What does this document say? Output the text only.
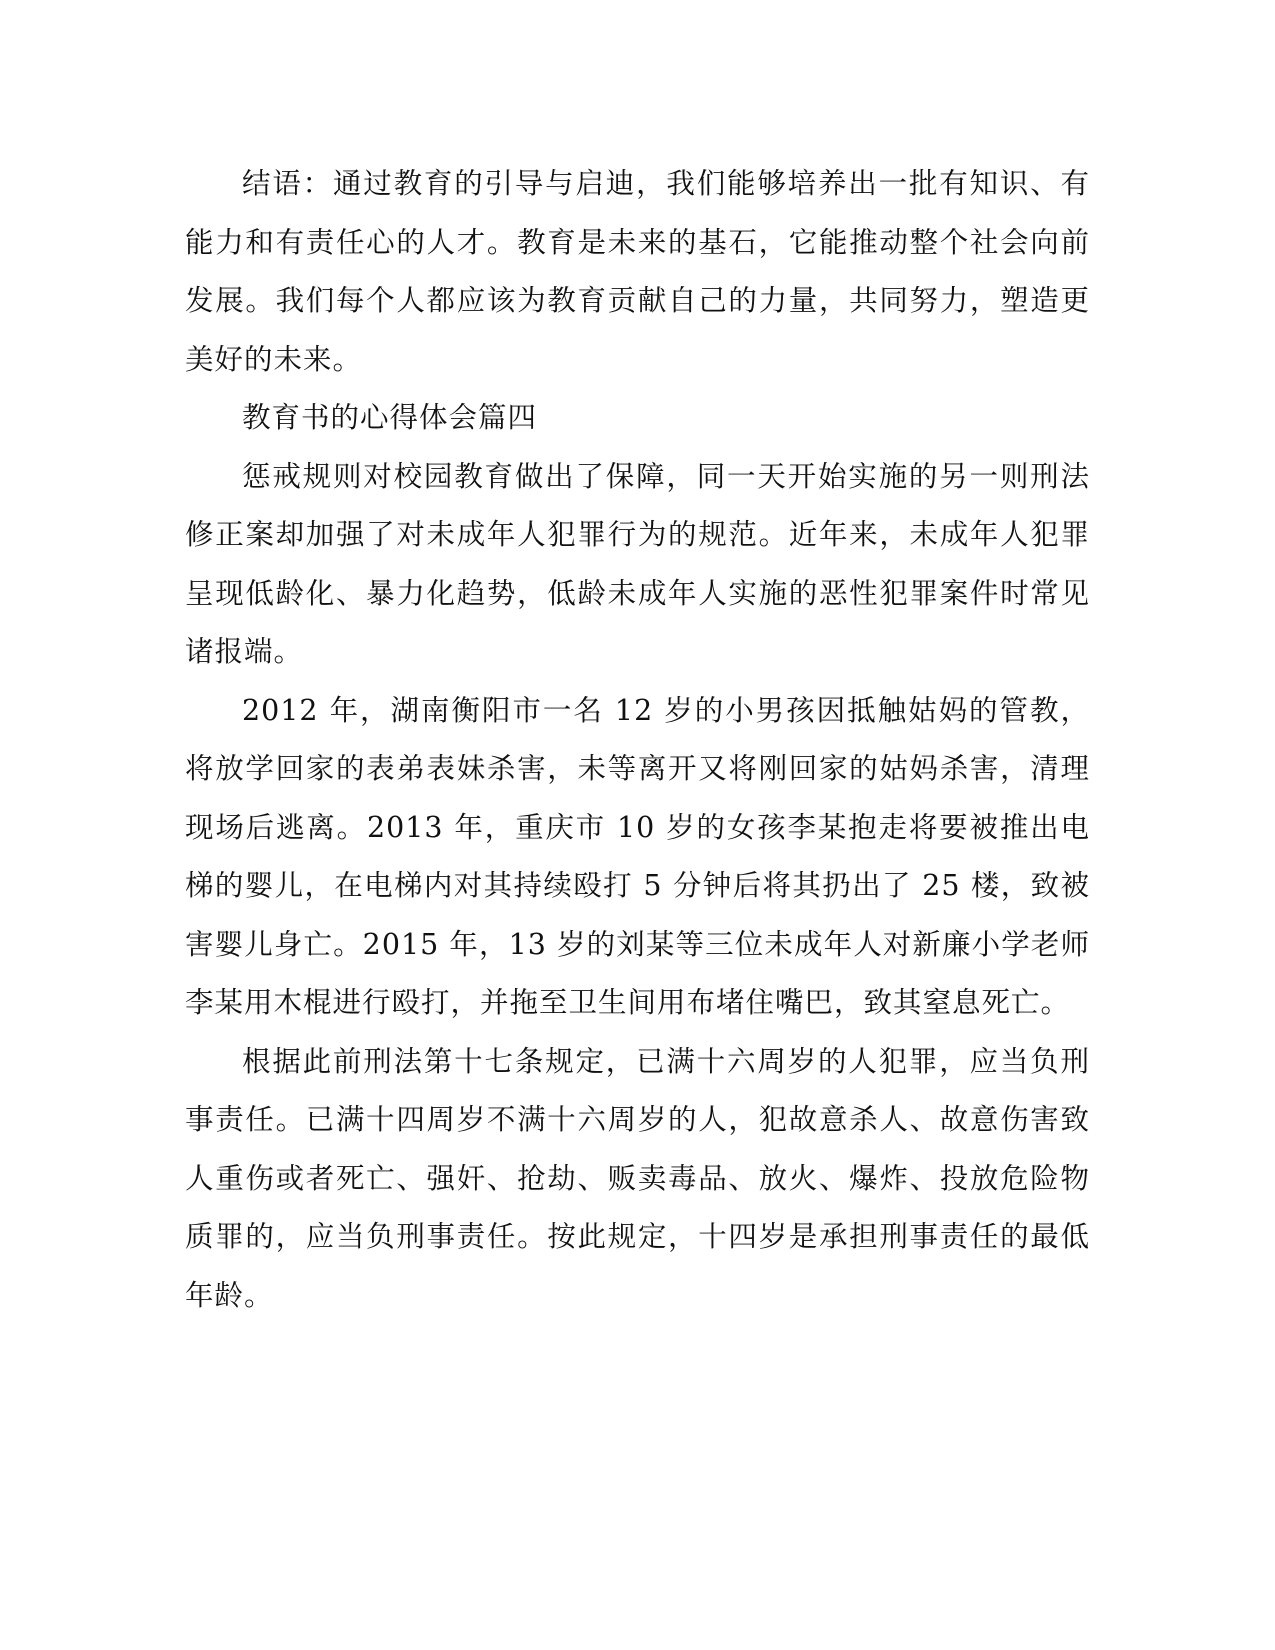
结语：通过教育的引导与启迪，我们能够培养出一批有知识、有能力和有责任心的人才。教育是未来的基石，它能推动整个社会向前发展。我们每个人都应该为教育贡献自己的力量，共同努力，塑造更美好的未来。

教育书的心得体会篇四

惩戒规则对校园教育做出了保障，同一天开始实施的另一则刑法修正案却加强了对未成年人犯罪行为的规范。近年来，未成年人犯罪呈现低龄化、暴力化趋势，低龄未成年人实施的恶性犯罪案件时常见诸报端。

2012 年，湖南衡阳市一名 12 岁的小男孩因抵触姑妈的管教，将放学回家的表弟表妹杀害，未等离开又将刚回家的姑妈杀害，清理现场后逃离。2013 年，重庆市 10 岁的女孩李某抱走将要被推出电梯的婴儿，在电梯内对其持续殴打 5 分钟后将其扔出了 25 楼，致被害婴儿身亡。2015 年，13 岁的刘某等三位未成年人对新廉小学老师李某用木棍进行殴打，并拖至卫生间用布堵住嘴巴，致其窒息死亡。

根据此前刑法第十七条规定，已满十六周岁的人犯罪，应当负刑事责任。已满十四周岁不满十六周岁的人，犯故意杀人、故意伤害致人重伤或者死亡、强奸、抢劫、贩卖毒品、放火、爆炸、投放危险物质罪的，应当负刑事责任。按此规定，十四岁是承担刑事责任的最低年龄。
